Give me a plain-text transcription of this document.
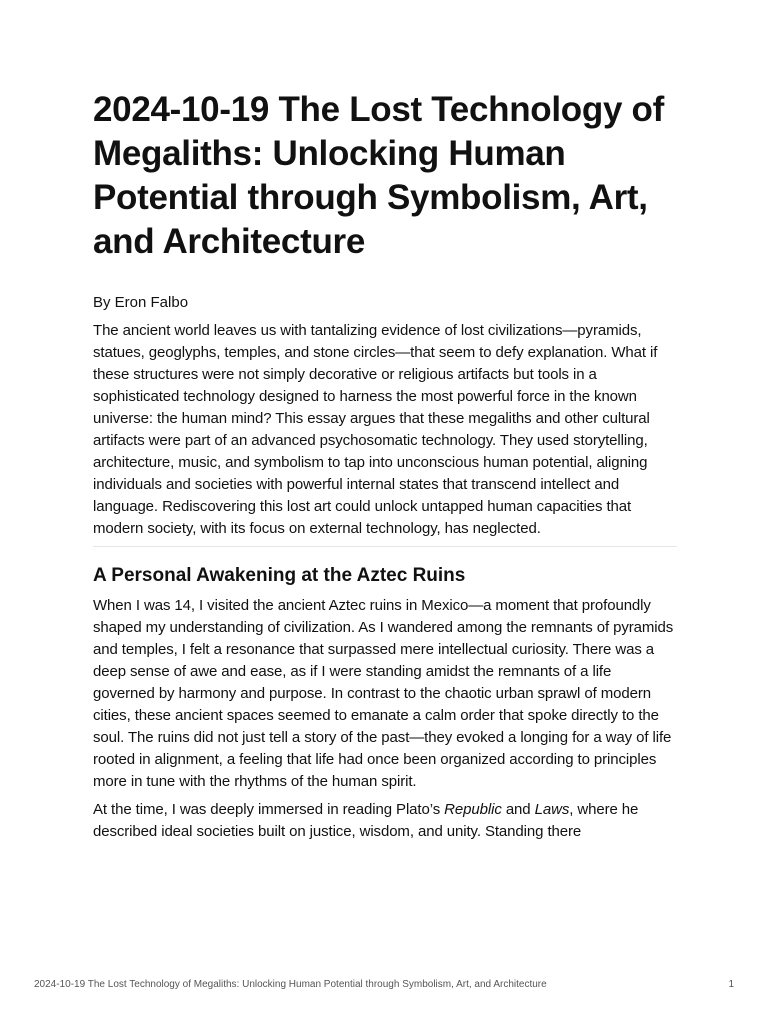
2024-10-19 The Lost Technology of Megaliths: Unlocking Human Potential through Symbolism, Art, and Architecture

By Eron Falbo

The ancient world leaves us with tantalizing evidence of lost civilizations—pyramids, statues, geoglyphs, temples, and stone circles—that seem to defy explanation. What if these structures were not simply decorative or religious artifacts but tools in a sophisticated technology designed to harness the most powerful force in the known universe: the human mind? This essay argues that these megaliths and other cultural artifacts were part of an advanced psychosomatic technology. They used storytelling, architecture, music, and symbolism to tap into unconscious human potential, aligning individuals and societies with powerful internal states that transcend intellect and language. Rediscovering this lost art could unlock untapped human capacities that modern society, with its focus on external technology, has neglected.

A Personal Awakening at the Aztec Ruins

When I was 14, I visited the ancient Aztec ruins in Mexico—a moment that profoundly shaped my understanding of civilization. As I wandered among the remnants of pyramids and temples, I felt a resonance that surpassed mere intellectual curiosity. There was a deep sense of awe and ease, as if I were standing amidst the remnants of a life governed by harmony and purpose. In contrast to the chaotic urban sprawl of modern cities, these ancient spaces seemed to emanate a calm order that spoke directly to the soul. The ruins did not just tell a story of the past—they evoked a longing for a way of life rooted in alignment, a feeling that life had once been organized according to principles more in tune with the rhythms of the human spirit.

At the time, I was deeply immersed in reading Plato’s Republic and Laws, where he described ideal societies built on justice, wisdom, and unity. Standing there

2024-10-19 The Lost Technology of Megaliths: Unlocking Human Potential through Symbolism, Art, and Architecture	1
